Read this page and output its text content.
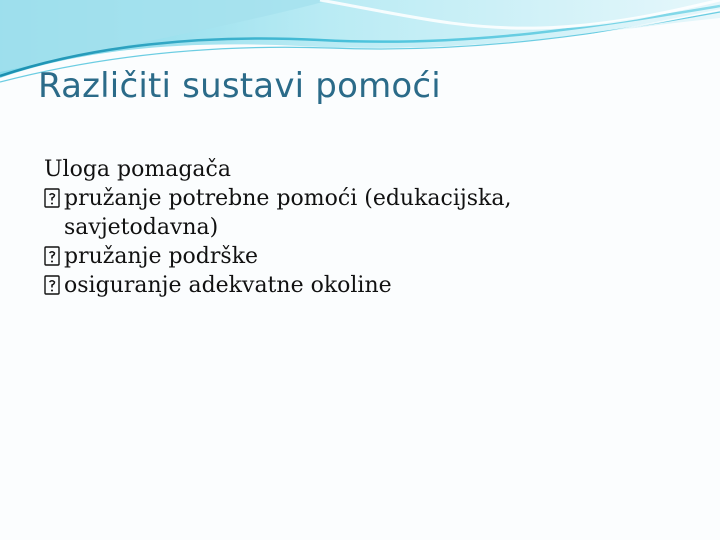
Različiti sustavi pomoći
Uloga pomagača
pružanje potrebne pomoći (edukacijska, savjetodavna)
pružanje podrške
osiguranje adekvatne okoline
